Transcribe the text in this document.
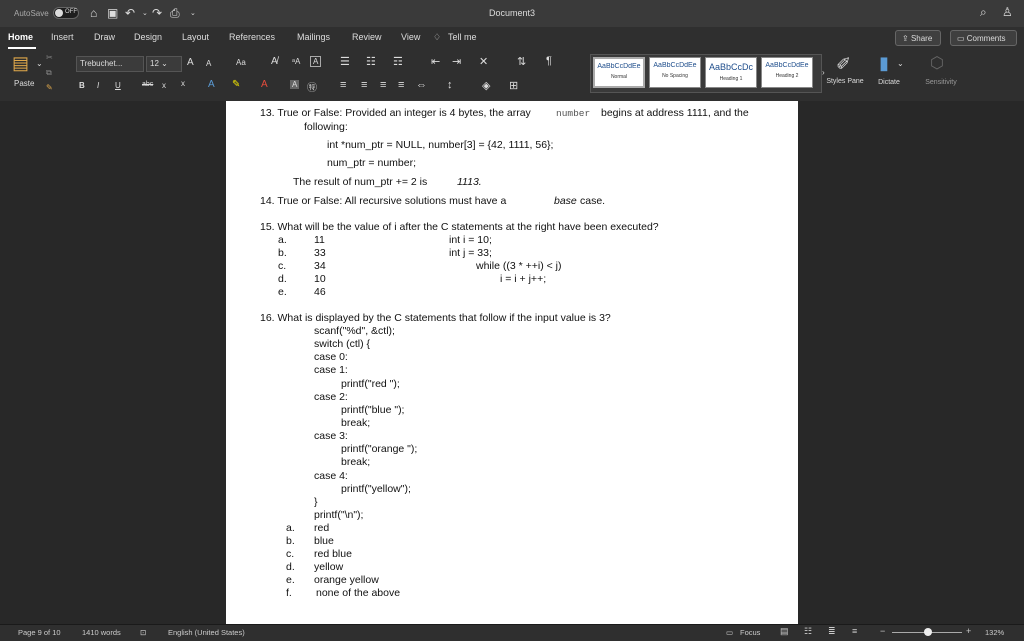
AutoSave	OFF ⌂ ▣ ↶ ⌄ ↷ ⎙ ⌄	Document3	⌕ ♙
Home Insert Draw Design Layout References Mailings Review View ♢ Tell me	⇪ Share	▭ Comments
▤ ⌄
Paste
✂
⧉
✎
Trebuchet...	12 ⌄	A A	Aa	A̸ ᵃA	A
B I U	abc x x A ✎ A	A ㊕
☰ ☷ ☶	⇤ ⇥ ✕	⇅ ¶
≡ ≡ ≡ ≡ ⇔ ↕	◈ ⊞
AaBbCcDdEe
Normal
AaBbCcDdEe
No Spacing
AaBbCcDc
Heading 1
AaBbCcDdEe
Heading 2	› ✐
Styles Pane
▮ ⌄
Dictate
⬡
Sensitivity
13. True or False: Provided an integer is 4 bytes, the array	number begins at address 1111, and the
following:
int *num_ptr = NULL, number[3] = {42, 1111, 56};
num_ptr = number;
The result of num_ptr += 2 is	1113.
14. True or False: All recursive solutions must have a	base case.
15. What will be the value of i after the C statements at the right have been executed?
a.	11
b.	33
c.	34
d.	10
e.	46
int i = 10;
int j = 33;
while ((3 * ++i) < j)
i = i + j++;
16. What is displayed by the C statements that follow if the input value is 3?
scanf("%d", &ctl);
switch (ctl) {
case 0:
case 1:
printf("red ");
case 2:
printf("blue ");
break;
case 3:
printf("orange ");
break;
case 4:
printf("yellow");
}
printf("\n");
a. red
b. blue
c. red blue
d. yellow
e. orange yellow
f. none of the above
Page 9 of 10	1410 words	⊡	English (United States)	▭ Focus ▤ ☷ ≣ ≡	−	+ 132%
